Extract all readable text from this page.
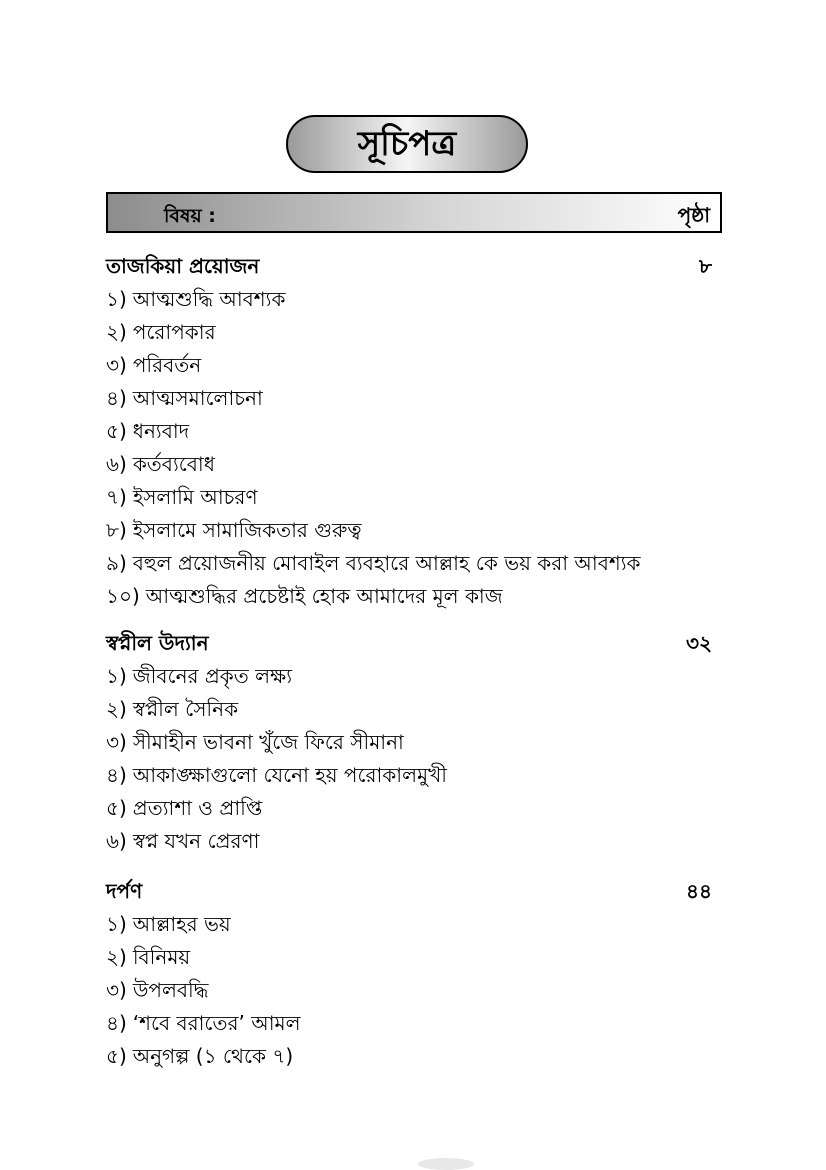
সূচিপত্র
বিষয় :	পৃষ্ঠা
তাজকিয়া প্রয়োজন	৮
১) আত্মশুদ্ধি আবশ্যক
২) পরোপকার
৩) পরিবর্তন
৪) আত্মসমালোচনা
৫) ধন্যবাদ
৬) কর্তব্যবোধ
৭) ইসলামি আচরণ
৮) ইসলামে সামাজিকতার গুরুত্ব
৯) বহুল প্রয়োজনীয় মোবাইল ব্যবহারে আল্লাহ কে ভয় করা আবশ্যক
১০) আত্মশুদ্ধির প্রচেষ্টাই হোক আমাদের মূল কাজ
স্বপ্নীল উদ্যান	৩২
১) জীবনের প্রকৃত লক্ষ্য
২) স্বপ্নীল সৈনিক
৩) সীমাহীন ভাবনা খুঁজে ফিরে সীমানা
৪) আকাঙ্ক্ষাগুলো যেনো হয় পরোকালমুখী
৫) প্রত্যাশা ও প্রাপ্তি
৬) স্বপ্ন যখন প্রেরণা
দর্পণ	৪৪
১) আল্লাহর ভয়
২) বিনিময়
৩) উপলবদ্ধি
৪) ‘শবে বরাতের’ আমল
৫) অনুগল্প (১ থেকে ৭)
